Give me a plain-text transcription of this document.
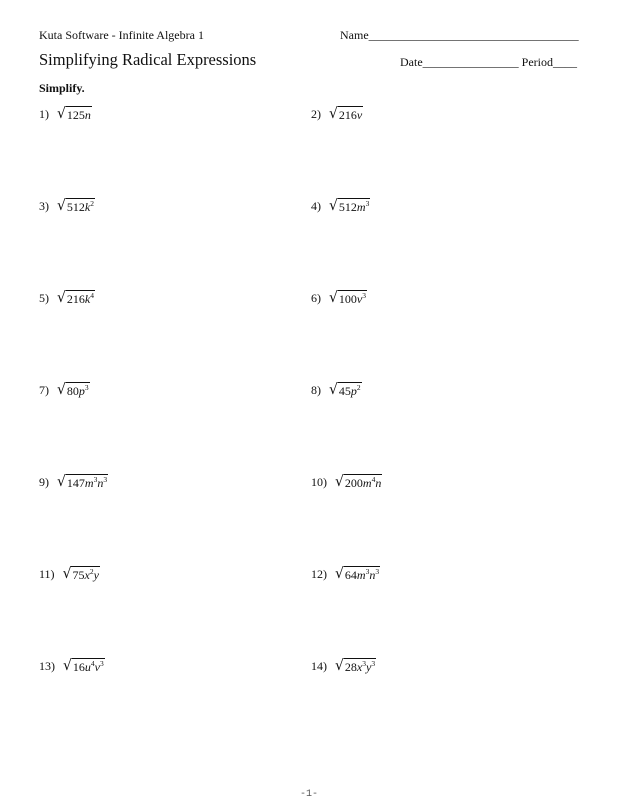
Kuta Software - Infinite Algebra 1	Name___________________________________
Simplifying Radical Expressions	Date________________ Period____
Simplify.
1) √ 125n	2) √ 216v
3) √ $512k^2$	4) √ $512m^3$
5) √ $216k^4$	6) √ $100v^3$
7) √ $80p^3$	8) √ $45p^2$
9) √ $147m^3n^3$	10) √ $200m^4n$
11) √ $75x^2y$	12) √ $64m^3n^3$
13) √ $16u^4v^3$	14) √ $28x^3y^3$
-1-
